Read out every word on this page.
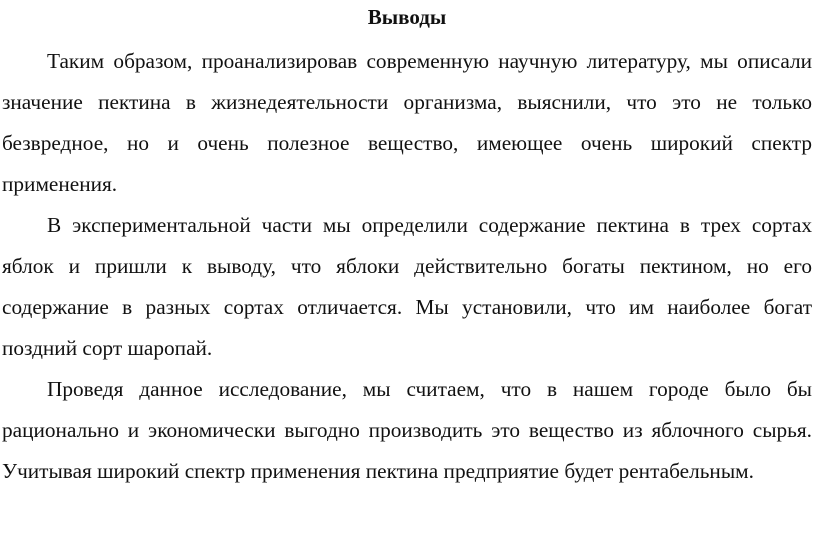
Выводы

Таким образом, проанализировав современную научную литературу, мы описали значение пектина в жизнедеятельности организма, выяснили, что это не только безвредное, но и очень полезное вещество, имеющее очень широкий спектр применения.

В экспериментальной части мы определили содержание пектина в трех сортах яблок и пришли к выводу, что яблоки действительно богаты пектином, но его содержание в разных сортах отличается. Мы установили, что им наиболее богат поздний сорт шаропай.

Проведя данное исследование, мы считаем, что в нашем городе было бы рационально и экономически выгодно производить это вещество из яблочного сырья. Учитывая широкий спектр применения пектина предприятие будет рентабельным.
